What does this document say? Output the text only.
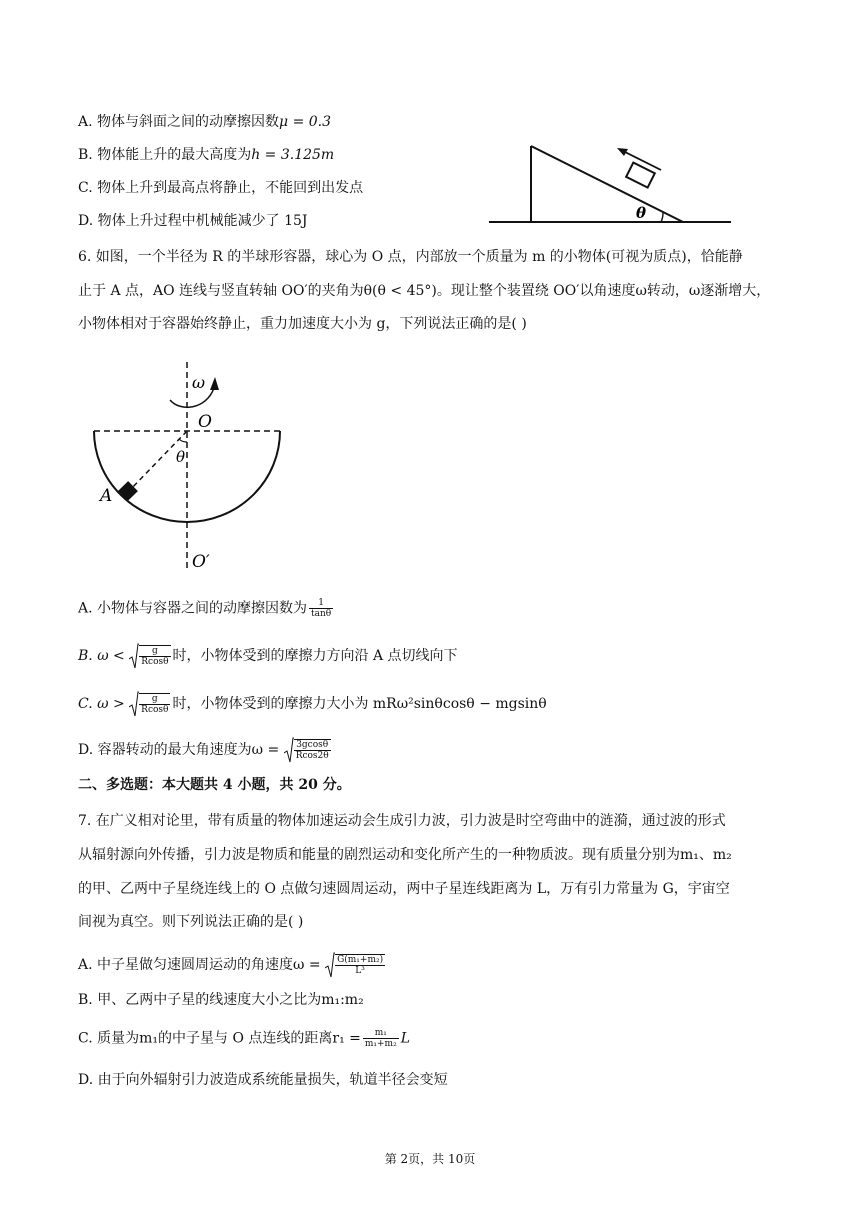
A. 物体与斜面之间的动摩擦因数μ = 0.3
B. 物体能上升的最大高度为h = 3.125m
C. 物体上升到最高点将静止，不能回到出发点
D. 物体上升过程中机械能减少了 15J	θ
6. 如图，一个半径为 R 的半球形容器，球心为 O 点，内部放一个质量为 m 的小物体(可视为质点)，恰能静
止于 A 点，AO 连线与竖直转轴 OO′的夹角为θ(θ < 45°)。现让整个装置绕 OO′以角速度ω转动，ω逐渐增大，
小物体相对于容器始终静止，重力加速度大小为 g，下列说法正确的是( )
ω
O
θ
A
O′
A. 小物体与容器之间的动摩擦因数为 $\frac{1}{\tan\theta}$
B. $\omega < \frac{g}{Rcos\theta}$ 时，小物体受到的摩擦力方向沿 A 点切线向下
C. $\omega > \frac{g}{Rcos\theta}$ 时，小物体受到的摩擦力大小为 mRω²sinθcosθ − mgsinθ
D. 容器转动的最大角速度为$\omega = \frac{3gcos\theta}{Rcos2\theta}$
二、多选题：本大题共 4 小题，共 20 分。
7. 在广义相对论里，带有质量的物体加速运动会生成引力波，引力波是时空弯曲中的涟漪，通过波的形式
从辐射源向外传播，引力波是物质和能量的剧烈运动和变化所产生的一种物质波。现有质量分别为m₁、m₂
的甲、乙两中子星绕连线上的 O 点做匀速圆周运动，两中子星连线距离为 L，万有引力常量为 G，宇宙空
间视为真空。则下列说法正确的是( )
A. 中子星做匀速圆周运动的角速度$\omega = \frac{\text{G(m₁+m₂)}}{\text{L³}}$
B. 甲、乙两中子星的线速度大小之比为m₁:m₂
C. 质量为m₁的中子星与 O 点连线的距离$r_1 = \frac{\text{m₁}}{\text{m₁+m₂}}$ L
D. 由于向外辐射引力波造成系统能量损失，轨道半径会变短
第 2页，共 10页
